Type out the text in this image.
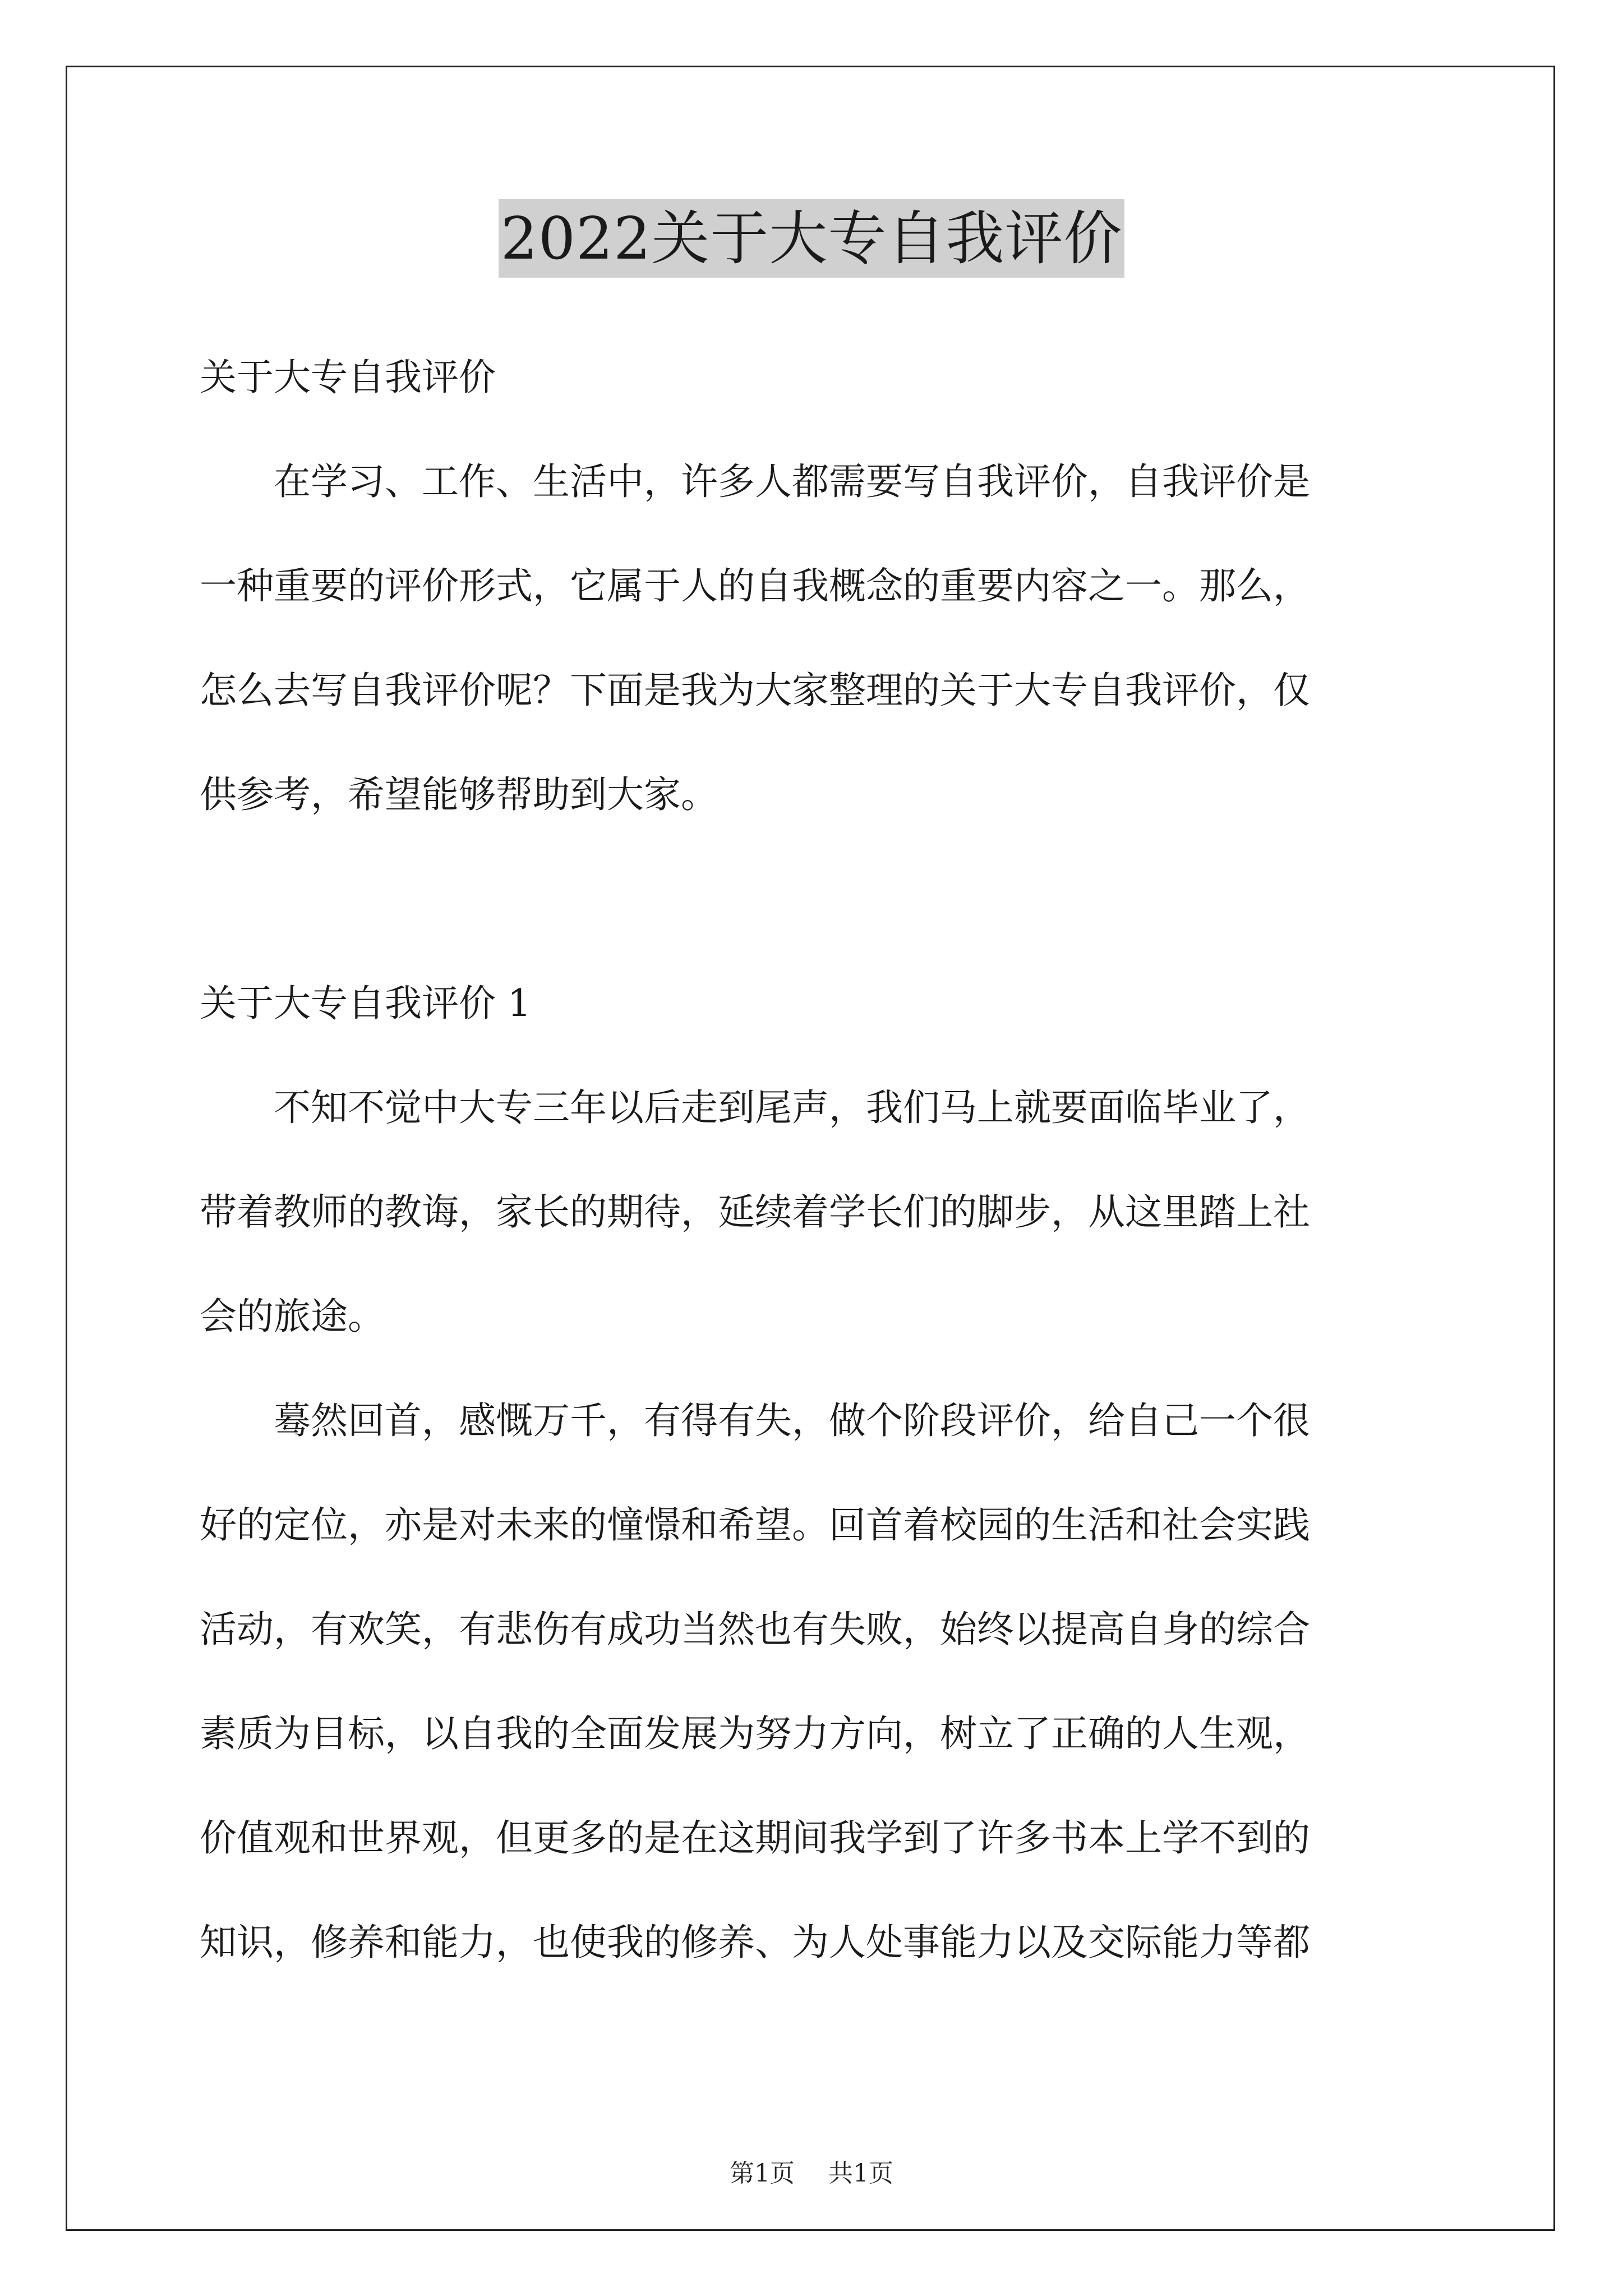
2022关于大专自我评价
关于大专自我评价
　　在学习、工作、生活中，许多人都需要写自我评价，自我评价是
一种重要的评价形式，它属于人的自我概念的重要内容之一。那么，
怎么去写自我评价呢？下面是我为大家整理的关于大专自我评价，仅
供参考，希望能够帮助到大家。
关于大专自我评价 1
　　不知不觉中大专三年以后走到尾声，我们马上就要面临毕业了，
带着教师的教诲，家长的期待，延续着学长们的脚步，从这里踏上社
会的旅途。
　　蓦然回首，感慨万千，有得有失，做个阶段评价，给自己一个很
好的定位，亦是对未来的憧憬和希望。回首着校园的生活和社会实践
活动，有欢笑，有悲伤有成功当然也有失败，始终以提高自身的综合
素质为目标，以自我的全面发展为努力方向，树立了正确的人生观，
价值观和世界观，但更多的是在这期间我学到了许多书本上学不到的
知识，修养和能力，也使我的修养、为人处事能力以及交际能力等都
第1页 共1页
